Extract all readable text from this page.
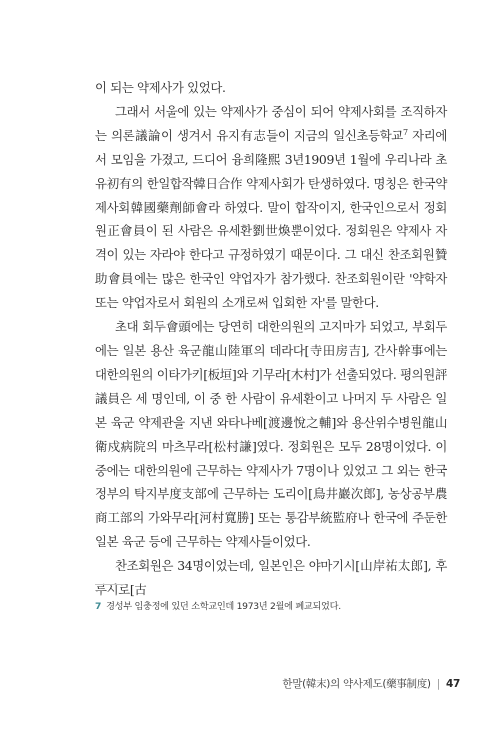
이 되는 약제사가 있었다.

그래서 서울에 있는 약제사가 중심이 되어 약제사회를 조직하자는 의론議論이 생겨서 유지有志들이 지금의 일신초등학교$^7$ 자리에서 모임을 가졌고, 드디어 융희隆熙 3년1909년 1월에 우리나라 초유初有의 한일합작韓日合作 약제사회가 탄생하였다. 명칭은 한국약제사회韓國藥劑師會라 하였다. 말이 합작이지, 한국인으로서 정회원正會員이 된 사람은 유세환劉世煥뿐이었다. 정회원은 약제사 자격이 있는 자라야 한다고 규정하였기 때문이다. 그 대신 찬조회원贊助會員에는 많은 한국인 약업자가 참가했다. 찬조회원이란 '약학자 또는 약업자로서 회원의 소개로써 입회한 자'를 말한다.

초대 회두會頭에는 당연히 대한의원의 고지마가 되었고, 부회두에는 일본 용산 육군龍山陸軍의 데라다[寺田房吉], 간사幹事에는 대한의원의 이타가키[板垣]와 기무라[木村]가 선출되었다. 평의원評議員은 세 명인데, 이 중 한 사람이 유세환이고 나머지 두 사람은 일본 육군 약제관을 지낸 와타나베[渡邊悅之輔]와 용산위수병원龍山衛戍病院의 마츠무라[松村謙]였다. 정회원은 모두 28명이었다. 이 중에는 대한의원에 근무하는 약제사가 7명이나 있었고 그 외는 한국 정부의 탁지부度支部에 근무하는 도리이[鳥井巖次郎], 농상공부農商工部의 가와무라[河村寬勝] 또는 통감부統監府나 한국에 주둔한 일본 육군 등에 근무하는 약제사들이었다.

찬조회원은 34명이었는데, 일본인은 야마기시[山岸祐太郎], 후루시로[古

7 경성부 임충정에 있던 소학교인데 1973년 2월에 폐교되었다.
한말(韓末)의 약사제도(藥事制度) | 47
